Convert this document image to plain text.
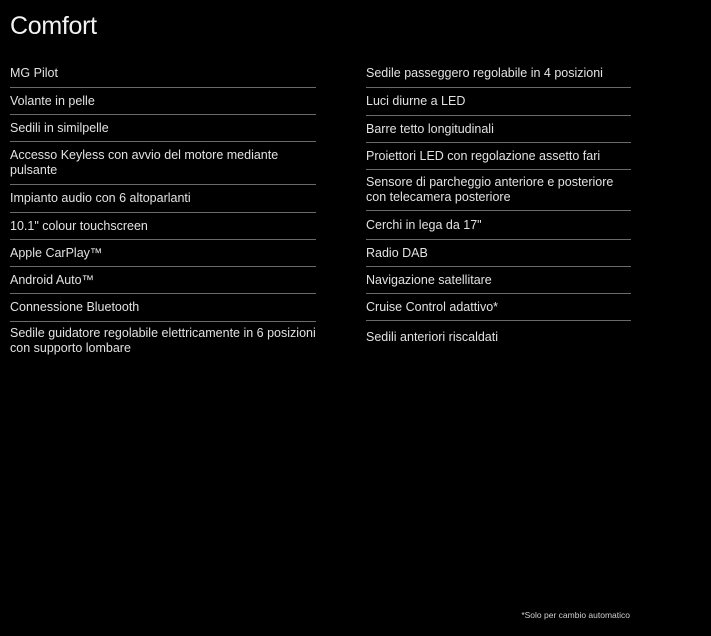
Comfort
MG Pilot
Volante in pelle
Sedili in similpelle
Accesso Keyless con avvio del motore mediante pulsante
Impianto audio con 6 altoparlanti
10.1" colour touchscreen
Apple CarPlay™
Android Auto™
Connessione Bluetooth
Sedile guidatore regolabile elettricamente in 6 posizioni con supporto lombare
Sedile passeggero regolabile in 4 posizioni
Luci diurne a LED
Barre tetto longitudinali
Proiettori LED con regolazione assetto fari
Sensore di parcheggio anteriore e posteriore con telecamera posteriore
Cerchi in lega da 17"
Radio DAB
Navigazione satellitare
Cruise Control adattivo*
Sedili anteriori riscaldati
*Solo per cambio automatico
